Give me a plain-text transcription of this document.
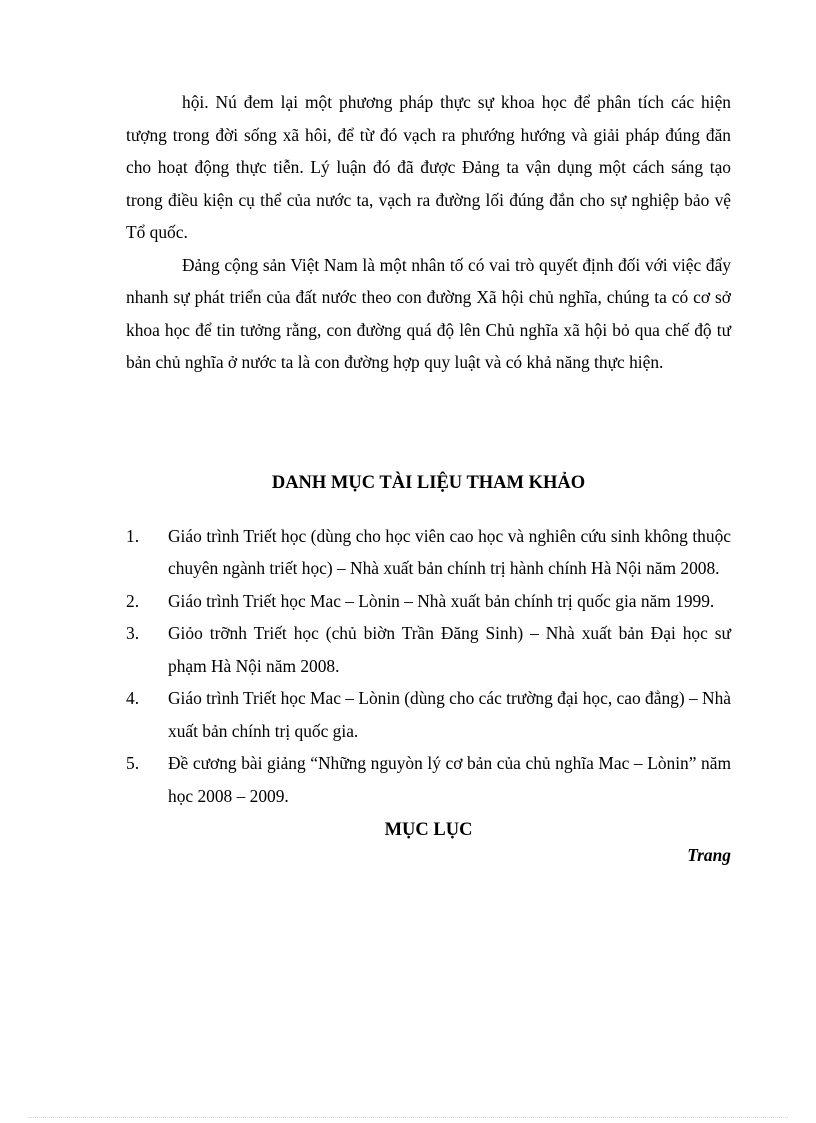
hội. Nú đem lại một phương pháp thực sự khoa học để phân tích các hiện tượng trong đời sống xã hôi, để từ đó vạch ra phướng hướng và giải pháp đúng đăn cho hoạt động thực tiễn. Lý luận đó đã được Đảng ta vận dụng một cách sáng tạo trong điều kiện cụ thể của nước ta, vạch ra đường lối đúng đắn cho sự nghiệp bảo vệ Tổ quốc.

Đảng cộng sản Việt Nam là một nhân tố có vai trò quyết định đối với việc đẩy nhanh sự phát triển của đất nước theo con đường Xã hội chủ nghĩa, chúng ta có cơ sở khoa học để tin tưởng rằng, con đường quá độ lên Chủ nghĩa xã hội bỏ qua chế độ tư bản chủ nghĩa ở nước ta là con đường hợp quy luật và có khả năng thực hiện.

DANH MỤC TÀI LIỆU THAM KHẢO
1. Giáo trình Triết học (dùng cho học viên cao học và nghiên cứu sinh không thuộc chuyên ngành triết học) – Nhà xuất bản chính trị hành chính Hà Nội năm 2008.
2. Giáo trình Triết học Mac – Lònin – Nhà xuất bản chính trị quốc gia năm 1999.
3. Giỏo trỡnh Triết học (chủ biờn Trần Đăng Sinh) – Nhà xuất bản Đại học sư phạm Hà Nội năm 2008.
4. Giáo trình Triết học Mac – Lònin (dùng cho các trường đại học, cao đẳng) – Nhà xuất bản chính trị quốc gia.
5. Đề cương bài giảng “Những nguyòn lý cơ bản của chủ nghĩa Mac – Lònin” năm học 2008 – 2009.
MỤC LỤC

Trang
